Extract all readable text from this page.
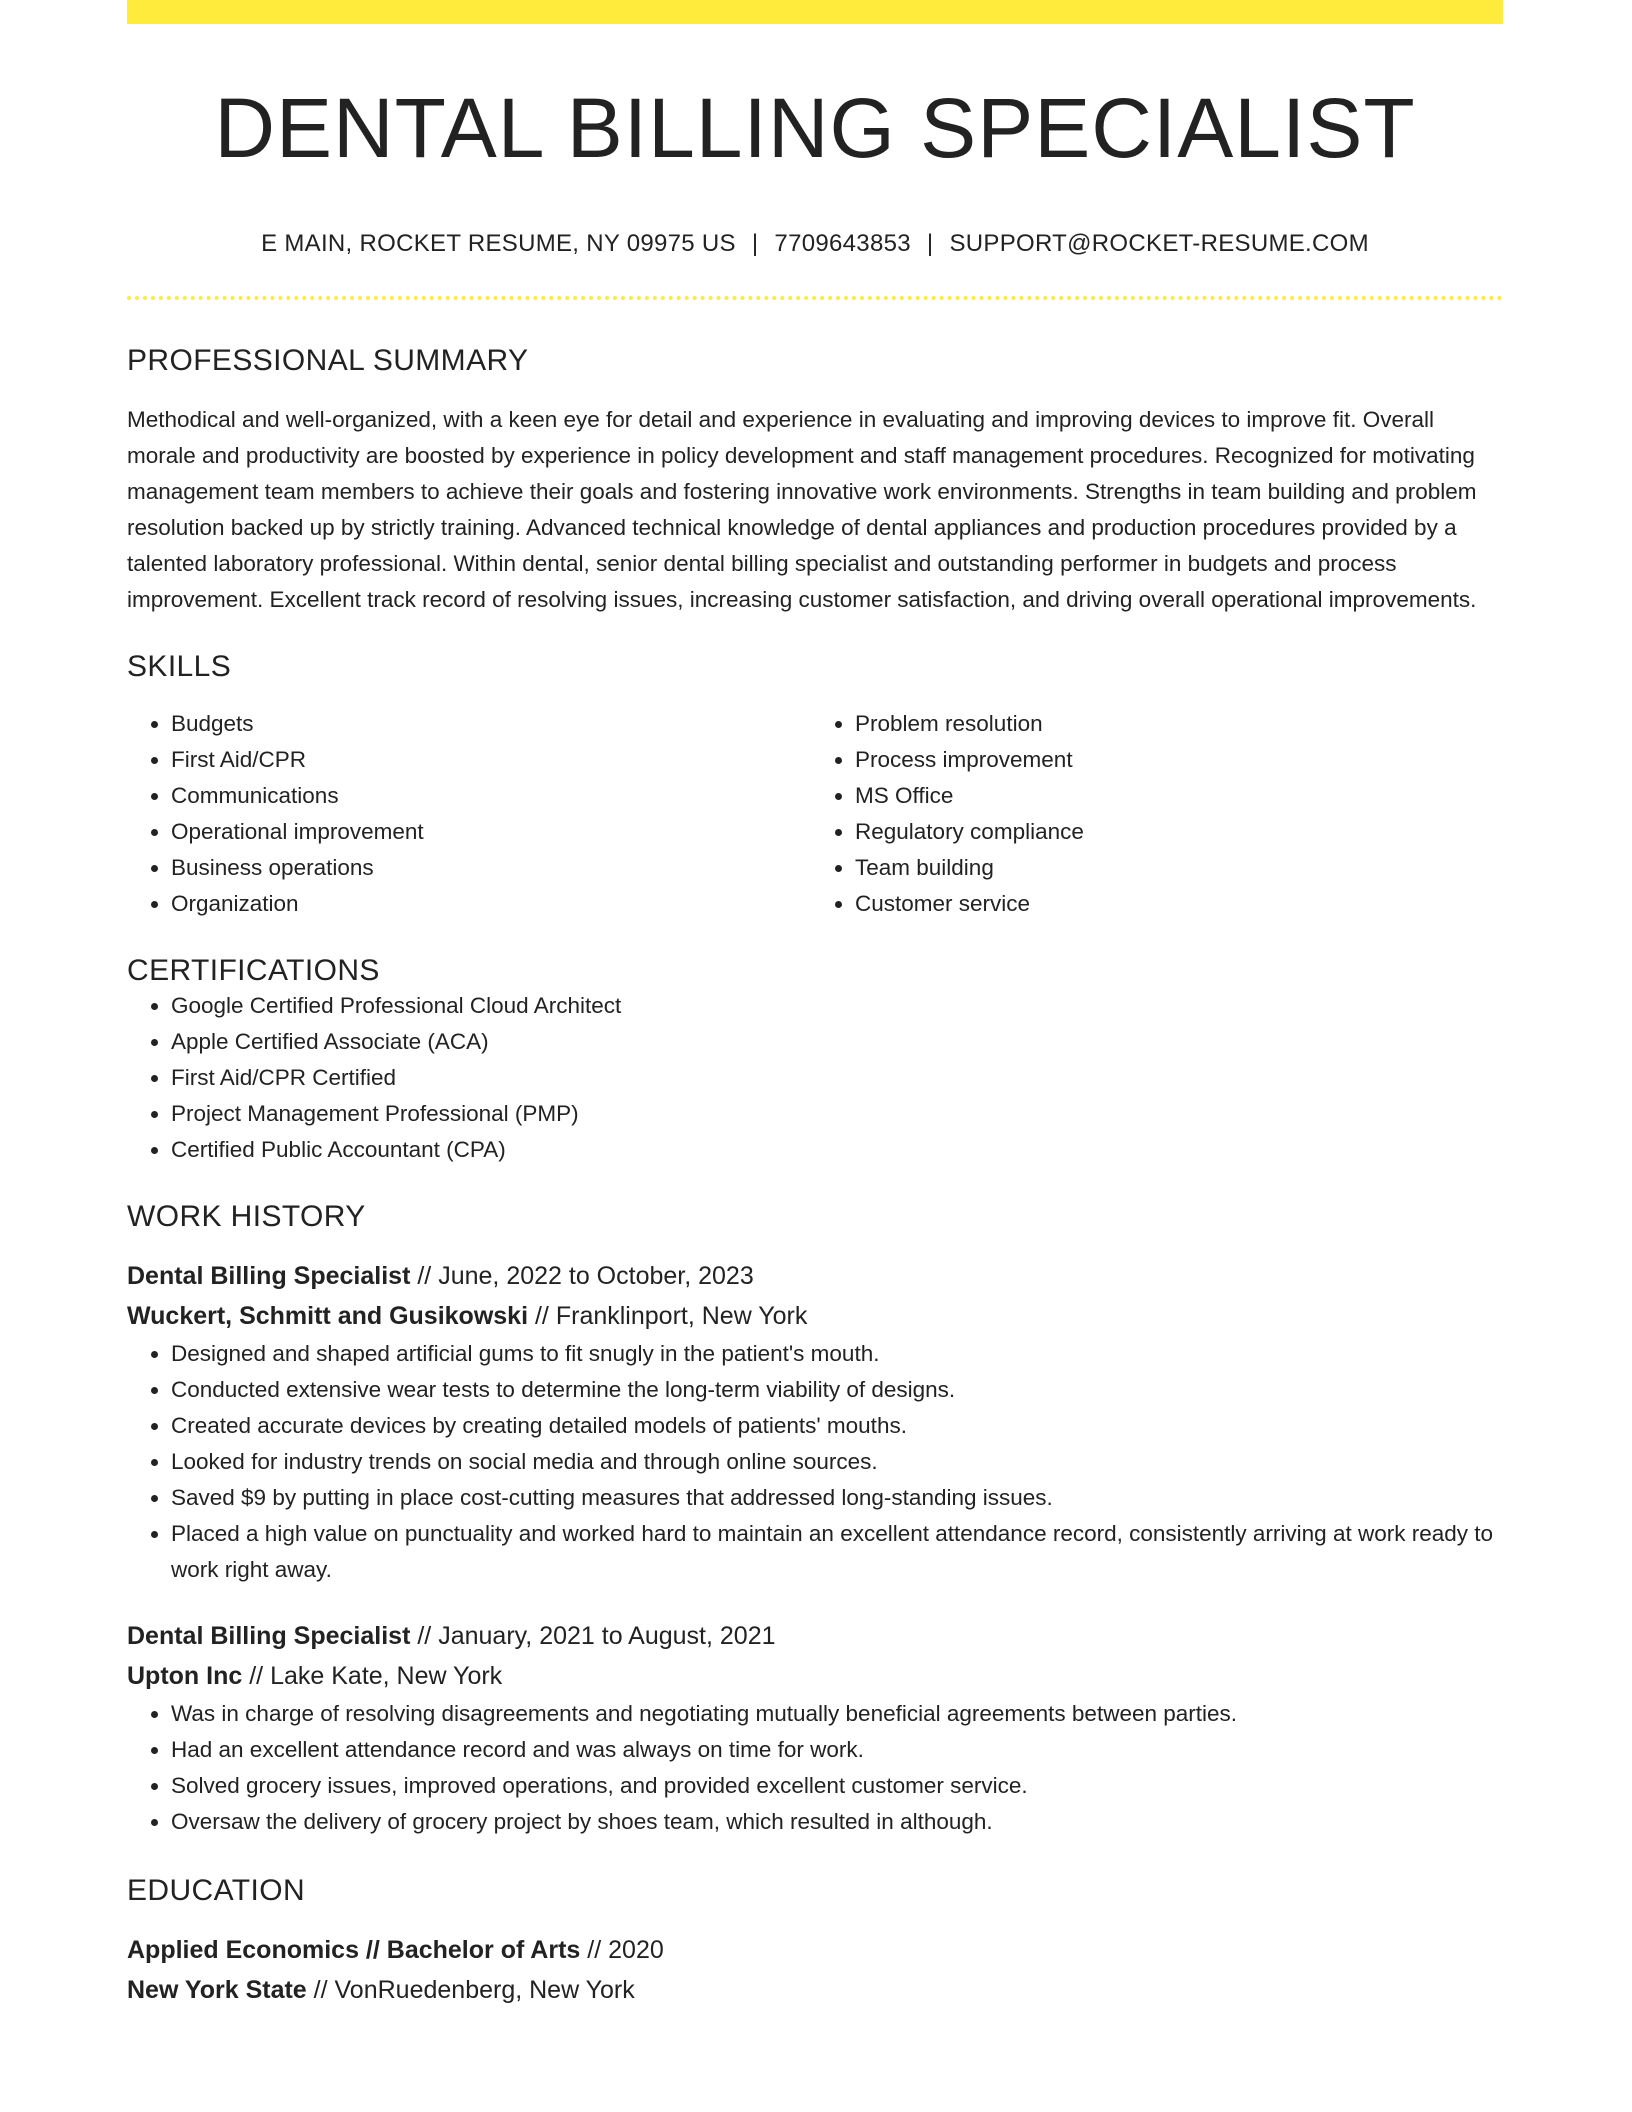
DENTAL BILLING SPECIALIST
E MAIN, ROCKET RESUME, NY 09975 US | 7709643853 | SUPPORT@ROCKET-RESUME.COM
PROFESSIONAL SUMMARY
Methodical and well-organized, with a keen eye for detail and experience in evaluating and improving devices to improve fit. Overall morale and productivity are boosted by experience in policy development and staff management procedures. Recognized for motivating management team members to achieve their goals and fostering innovative work environments. Strengths in team building and problem resolution backed up by strictly training. Advanced technical knowledge of dental appliances and production procedures provided by a talented laboratory professional. Within dental, senior dental billing specialist and outstanding performer in budgets and process improvement. Excellent track record of resolving issues, increasing customer satisfaction, and driving overall operational improvements.
SKILLS
• Budgets
• First Aid/CPR
• Communications
• Operational improvement
• Business operations
• Organization
• Problem resolution
• Process improvement
• MS Office
• Regulatory compliance
• Team building
• Customer service
CERTIFICATIONS
• Google Certified Professional Cloud Architect
• Apple Certified Associate (ACA)
• First Aid/CPR Certified
• Project Management Professional (PMP)
• Certified Public Accountant (CPA)
WORK HISTORY
Dental Billing Specialist // June, 2022 to October, 2023
Wuckert, Schmitt and Gusikowski // Franklinport, New York
• Designed and shaped artificial gums to fit snugly in the patient's mouth.
• Conducted extensive wear tests to determine the long-term viability of designs.
• Created accurate devices by creating detailed models of patients' mouths.
• Looked for industry trends on social media and through online sources.
• Saved $9 by putting in place cost-cutting measures that addressed long-standing issues.
• Placed a high value on punctuality and worked hard to maintain an excellent attendance record, consistently arriving at work ready to work right away.
Dental Billing Specialist // January, 2021 to August, 2021
Upton Inc // Lake Kate, New York
• Was in charge of resolving disagreements and negotiating mutually beneficial agreements between parties.
• Had an excellent attendance record and was always on time for work.
• Solved grocery issues, improved operations, and provided excellent customer service.
• Oversaw the delivery of grocery project by shoes team, which resulted in although.
EDUCATION
Applied Economics // Bachelor of Arts // 2020
New York State // VonRuedenberg, New York
